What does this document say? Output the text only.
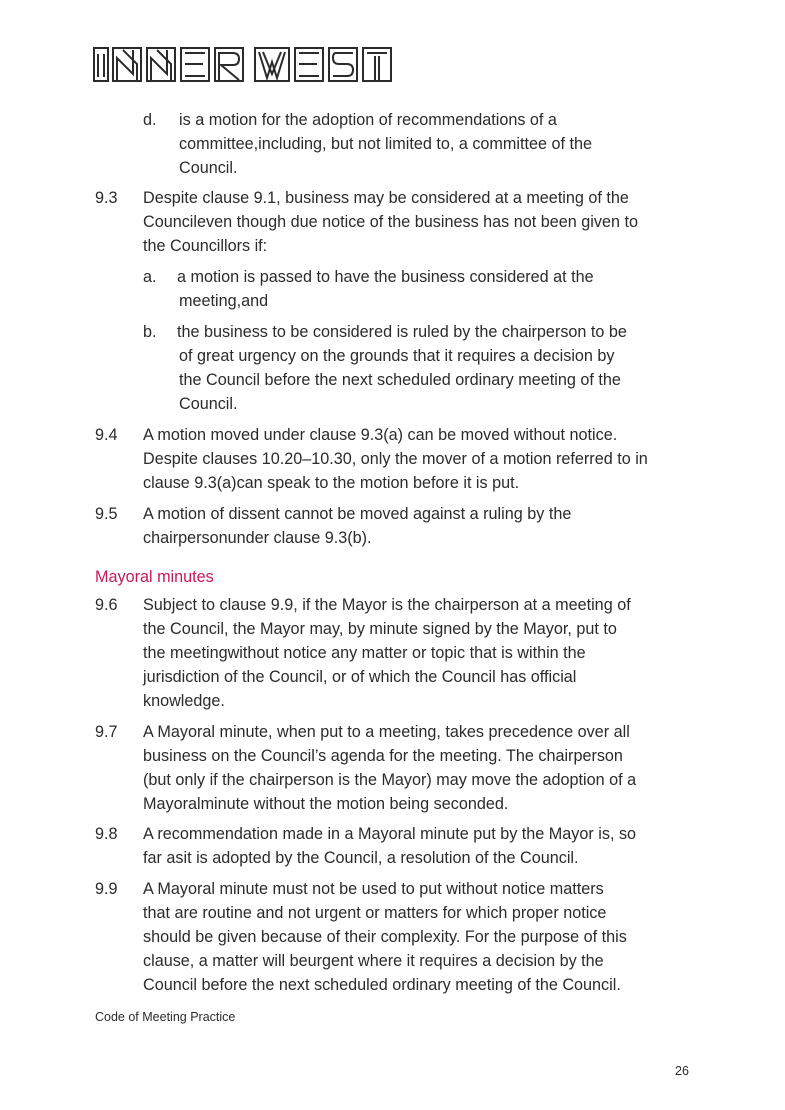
d. is a motion for the adoption of recommendations of a
committee,including, but not limited to, a committee of the
Council.
9.3 Despite clause 9.1, business may be considered at a meeting of the
Councileven though due notice of the business has not been given to
the Councillors if:
a. a motion is passed to have the business considered at the
meeting,and
b. the business to be considered is ruled by the chairperson to be
of great urgency on the grounds that it requires a decision by
the Council before the next scheduled ordinary meeting of the
Council.
9.4 A motion moved under clause 9.3(a) can be moved without notice.
Despite clauses 10.20–10.30, only the mover of a motion referred to in
clause 9.3(a)can speak to the motion before it is put.
9.5 A motion of dissent cannot be moved against a ruling by the
chairpersonunder clause 9.3(b).
Mayoral minutes
9.6 Subject to clause 9.9, if the Mayor is the chairperson at a meeting of
the Council, the Mayor may, by minute signed by the Mayor, put to
the meetingwithout notice any matter or topic that is within the
jurisdiction of the Council, or of which the Council has official
knowledge.
9.7 A Mayoral minute, when put to a meeting, takes precedence over all
business on the Council’s agenda for the meeting. The chairperson
(but only if the chairperson is the Mayor) may move the adoption of a
Mayoralminute without the motion being seconded.
9.8 A recommendation made in a Mayoral minute put by the Mayor is, so
far asit is adopted by the Council, a resolution of the Council.
9.9 A Mayoral minute must not be used to put without notice matters
that are routine and not urgent or matters for which proper notice
should be given because of their complexity. For the purpose of this
clause, a matter will beurgent where it requires a decision by the
Council before the next scheduled ordinary meeting of the Council.
Code of Meeting Practice
26
